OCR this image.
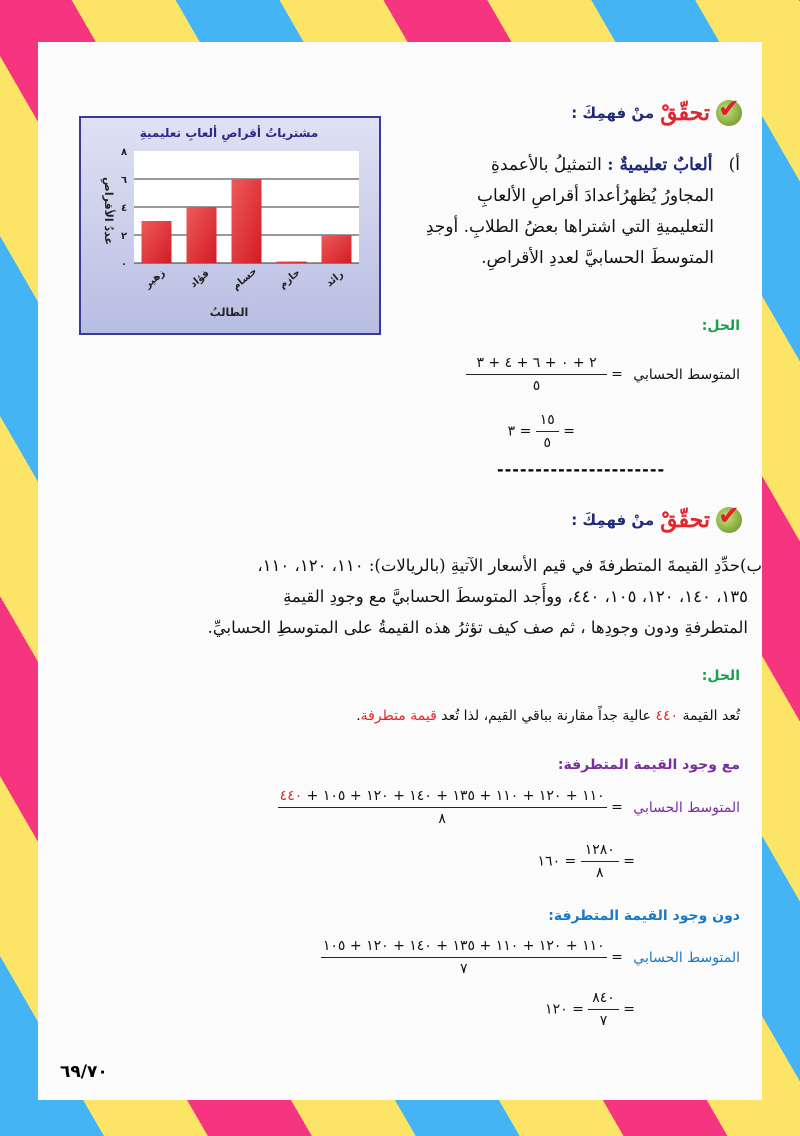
✔
تحقّقْ
منْ فهمِكَ :
أ)   ألعابٌ تعليميةٌ : التمثيلُ بالأعمدةِ
المجاورُ يُظهرُأعدادَ أقراصِ الألعابِ
التعليميةِ التي اشتراها بعضُ الطلابِ. أوجدِ
المتوسطَ الحسابيَّ لعددِ الأقراصِ.
مشترياتُ أقراصِ ألعابِ تعليميةِ
٠
٢
٤
٦
٨
زهير فؤاد حسام حازم رائد
عددُ الأقراصِ
الطالبُ
الحل:
المتوسط الحسابي =
$\frac{٢ + ٠ + ٦ + ٤ + ٣}{٥}$
=
$\frac{١٥}{٥}$
= ٣
----------------------
✔
تحقّقْ
منْ فهمِكَ :
ب)حدِّدِ القيمةَ المتطرفةَ في قيم الأسعار الآتيةِ (بالريالات): ١١٠، ١٢٠، ١١٠،
١٣٥، ١٤٠، ١٢٠، ١٠٥، ٤٤٠، ووأَجد المتوسطَ الحسابيَّ مع وجودِ القيمةِ
المتطرفةِ ودون وجودِها ، ثم صف كيف تؤثرُ هذه القيمةُ على المتوسطِ الحسابيِّ.
الحل:
تُعد القيمة ٤٤٠ عالية جداً مقارنة بباقي القيم، لذا تُعد قيمة متطرفة.
مع وجود القيمة المتطرفة:
المتوسط الحسابي =
$\frac{١١٠ + ١٢٠ + ١١٠ + ١٣٥ + ١٤٠ + ١٢٠ + ١٠٥ + ٤٤٠}{٨}$
=
$\frac{١٢٨٠}{٨}$
= ١٦٠
دون وجود القيمة المتطرفة:
المتوسط الحسابي =
$\frac{١١٠ + ١٢٠ + ١١٠ + ١٣٥ + ١٤٠ + ١٢٠ + ١٠٥}{٧}$
=
$\frac{٨٤٠}{٧}$
= ١٢٠
٦٩/٧٠
